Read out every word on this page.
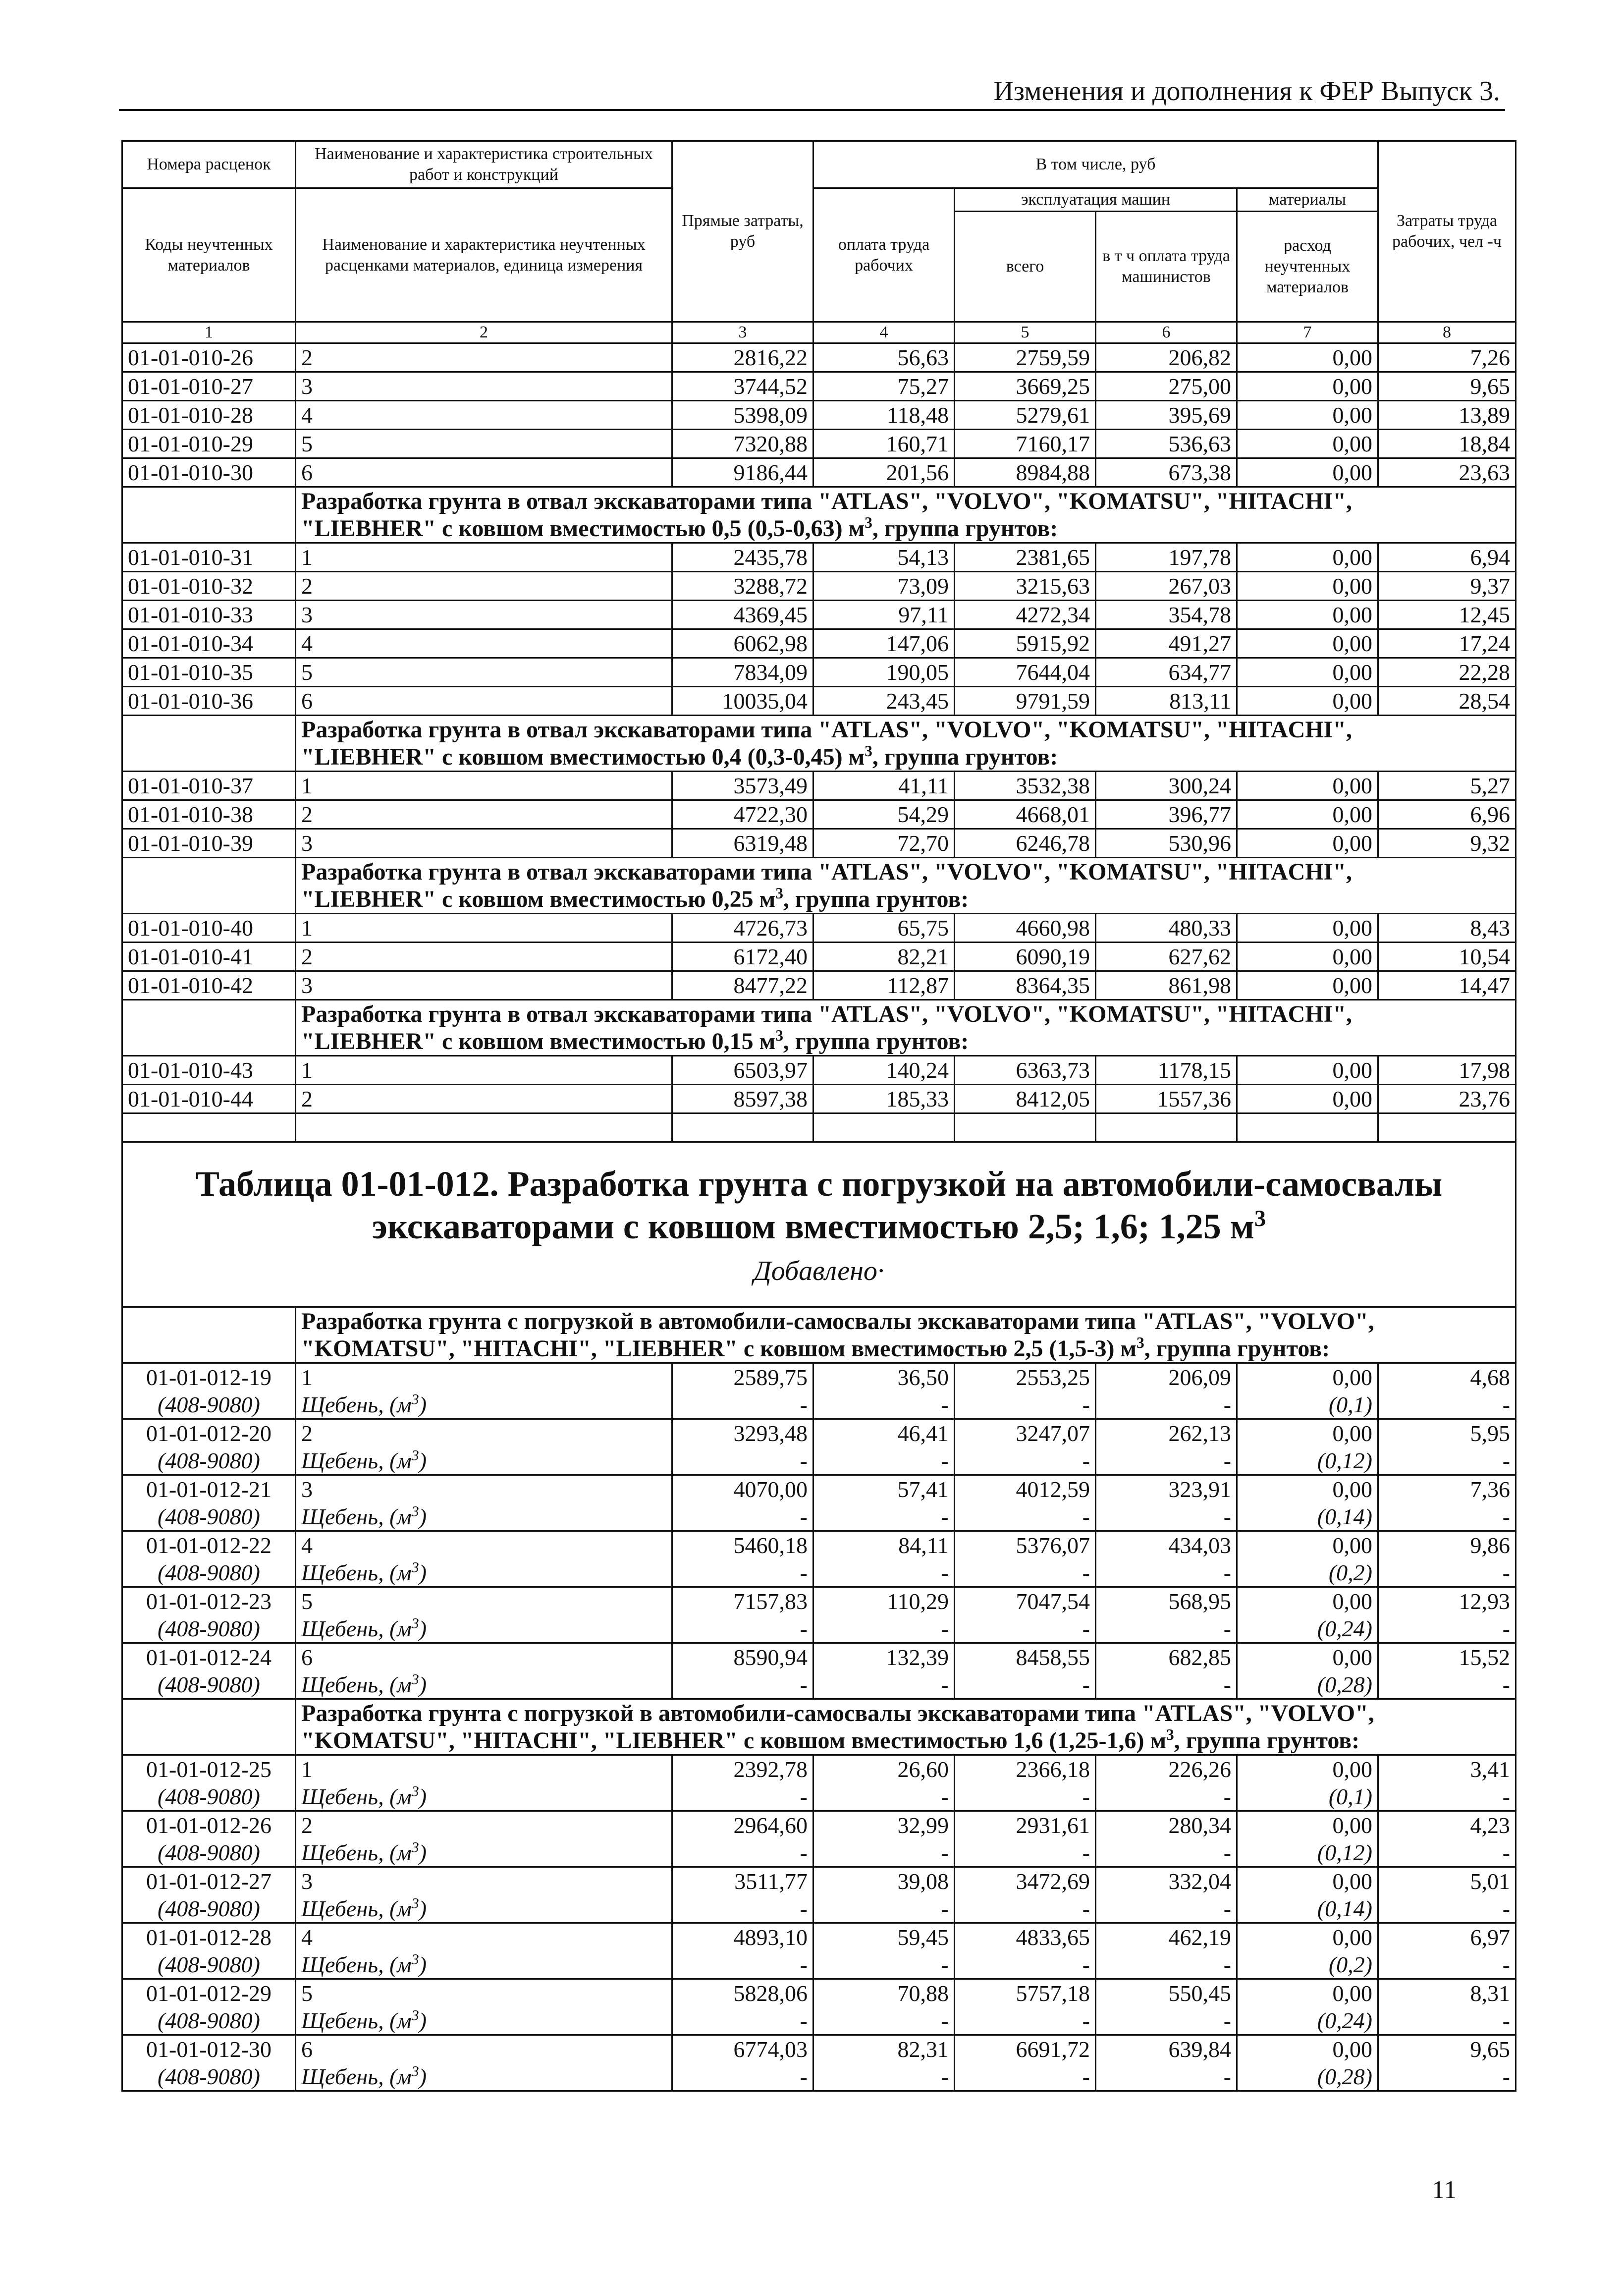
Изменения и дополнения к ФЕР Выпуск 3.
Номера расценок	Наименование и характеристика строительных работ и конструкций	Прямые затраты, руб	В том числе, руб				Затраты труда рабочих, чел -ч
Коды неучтенных материалов	Наименование и характеристика неучтенных расценками материалов, единица измерения		оплата труда рабочих	эксплуатация машин		материалы	
				всего	в т ч оплата труда машинистов	расход неучтенных материалов	

1	2	3	4	5	6	7	8
01-01-010-26	2	2816,22	56,63	2759,59	206,82	0,00	7,26
01-01-010-27	3	3744,52	75,27	3669,25	275,00	0,00	9,65
01-01-010-28	4	5398,09	118,48	5279,61	395,69	0,00	13,89
01-01-010-29	5	7320,88	160,71	7160,17	536,63	0,00	18,84
01-01-010-30	6	9186,44	201,56	8984,88	673,38	0,00	23,63

	Разработка грунта в отвал экскаваторами типа "ATLAS", "VOLVO", "KOMATSU", "HITACHI",
"LIEBHER" с ковшом вместимостью 0,5 (0,5-0,63) $м^3$, группа грунтов:						

01-01-010-31	1	2435,78	54,13	2381,65	197,78	0,00	6,94
01-01-010-32	2	3288,72	73,09	3215,63	267,03	0,00	9,37
01-01-010-33	3	4369,45	97,11	4272,34	354,78	0,00	12,45
01-01-010-34	4	6062,98	147,06	5915,92	491,27	0,00	17,24
01-01-010-35	5	7834,09	190,05	7644,04	634,77	0,00	22,28
01-01-010-36	6	10035,04	243,45	9791,59	813,11	0,00	28,54

	Разработка грунта в отвал экскаваторами типа "ATLAS", "VOLVO", "KOMATSU", "HITACHI",
"LIEBHER" с ковшом вместимостью 0,4 (0,3-0,45) $м^3$, группа грунтов:						

01-01-010-37	1	3573,49	41,11	3532,38	300,24	0,00	5,27
01-01-010-38	2	4722,30	54,29	4668,01	396,77	0,00	6,96
01-01-010-39	3	6319,48	72,70	6246,78	530,96	0,00	9,32

	Разработка грунта в отвал экскаваторами типа "ATLAS", "VOLVO", "KOMATSU", "HITACHI",
"LIEBHER" с ковшом вместимостью 0,25 $м^3$, группа грунтов:						

01-01-010-40	1	4726,73	65,75	4660,98	480,33	0,00	8,43
01-01-010-41	2	6172,40	82,21	6090,19	627,62	0,00	10,54
01-01-010-42	3	8477,22	112,87	8364,35	861,98	0,00	14,47

	Разработка грунта в отвал экскаваторами типа "ATLAS", "VOLVO", "KOMATSU", "HITACHI",
"LIEBHER" с ковшом вместимостью 0,15 $м^3$, группа грунтов:						

01-01-010-43	1	6503,97	140,24	6363,73	1178,15	0,00	17,98
01-01-010-44	2	8597,38	185,33	8412,05	1557,36	0,00	23,76

Таблица 01-01-012. Разработка грунта с погрузкой на автомобили-самосвалы
экскаваторами с ковшом вместимостью 2,5; 1,6; 1,25 $м^3$
Добавлено·							

	Разработка грунта с погрузкой в автомобили-самосвалы экскаваторами типа "ATLAS", "VOLVO",
"KOMATSU", "HITACHI", "LIEBHER" с ковшом вместимостью 2,5 (1,5-3) $м^3$, группа грунтов:						

01-01-012-19	1	2589,75	36,50	2553,25	206,09	0,00	4,68
(408-9080)	Щебень, $(м^3)$	-	-	-	-	(0,1)	-
01-01-012-20	2	3293,48	46,41	3247,07	262,13	0,00	5,95
(408-9080)	Щебень, $(м^3)$	-	-	-	-	(0,12)	-
01-01-012-21	3	4070,00	57,41	4012,59	323,91	0,00	7,36
(408-9080)	Щебень, $(м^3)$	-	-	-	-	(0,14)	-
01-01-012-22	4	5460,18	84,11	5376,07	434,03	0,00	9,86
(408-9080)	Щебень, $(м^3)$	-	-	-	-	(0,2)	-
01-01-012-23	5	7157,83	110,29	7047,54	568,95	0,00	12,93
(408-9080)	Щебень, $(м^3)$	-	-	-	-	(0,24)	-
01-01-012-24	6	8590,94	132,39	8458,55	682,85	0,00	15,52
(408-9080)	Щебень, $(м^3)$	-	-	-	-	(0,28)	-

	Разработка грунта с погрузкой в автомобили-самосвалы экскаваторами типа "ATLAS", "VOLVO",
"KOMATSU", "HITACHI", "LIEBHER" с ковшом вместимостью 1,6 (1,25-1,6) $м^3$, группа грунтов:						

01-01-012-25	1	2392,78	26,60	2366,18	226,26	0,00	3,41
(408-9080)	Щебень, $(м^3)$	-	-	-	-	(0,1)	-
01-01-012-26	2	2964,60	32,99	2931,61	280,34	0,00	4,23
(408-9080)	Щебень, $(м^3)$	-	-	-	-	(0,12)	-
01-01-012-27	3	3511,77	39,08	3472,69	332,04	0,00	5,01
(408-9080)	Щебень, $(м^3)$	-	-	-	-	(0,14)	-
01-01-012-28	4	4893,10	59,45	4833,65	462,19	0,00	6,97
(408-9080)	Щебень, $(м^3)$	-	-	-	-	(0,2)	-
01-01-012-29	5	5828,06	70,88	5757,18	550,45	0,00	8,31
(408-9080)	Щебень, $(м^3)$	-	-	-	-	(0,24)	-
01-01-012-30	6	6774,03	82,31	6691,72	639,84	0,00	9,65
(408-9080)	Щебень, $(м^3)$	-	-	-	-	(0,28)	-
11
